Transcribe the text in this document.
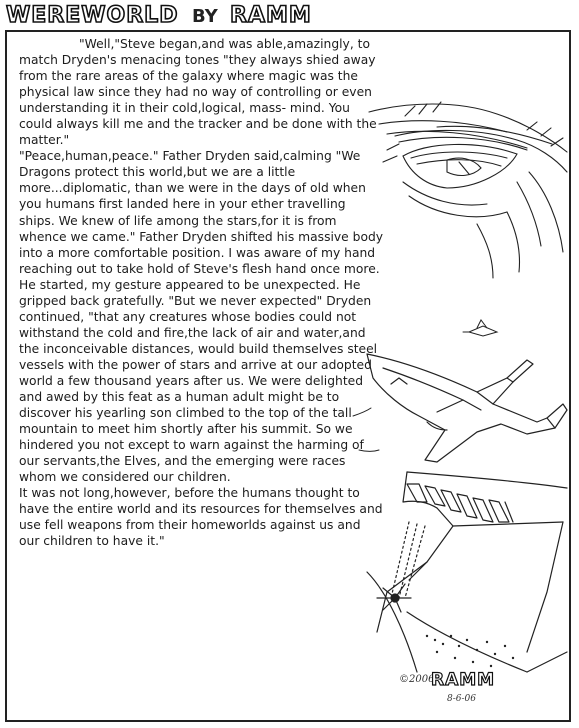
WEREWORLD BY RAMM

"Well,"Steve began,and was able,amazingly, to match Dryden's menacing tones "they always shied away from the rare areas of the galaxy where magic was the physical law since they had no way of controlling or even understanding it in their cold,logical, mass- mind. You could always kill me and the tracker and be done with the matter."

"Peace,human,peace." Father Dryden said,calming "We Dragons protect this world,but we are a little more...diplomatic, than we were in the days of old when you humans first landed here in your ether travelling ships. We knew of life among the stars,for it is from whence we came." Father Dryden shifted his massive body into a more comfortable position. I was aware of my hand reaching out to take hold of Steve's flesh hand once more. He started, my gesture appeared to be unexpected. He gripped back gratefully. "But we never expected" Dryden continued, "that any creatures whose bodies could not withstand the cold and fire,the lack of air and water,and the inconceivable distances, would build themselves steel vessels with the power of stars and arrive at our adopted world a few thousand years after us. We were delighted and awed by this feat as a human adult might be to discover his yearling son climbed to the top of the tall mountain to meet him shortly after his summit. So we hindered you not except to warn against the harming of our servants,the Elves, and the emerging were races whom we considered our children.

It was not long,however, before the humans thought to have the entire world and its resources for themselves and use fell weapons from their homeworlds against us and our children to have it."

©2006
RAMM
8-6-06
